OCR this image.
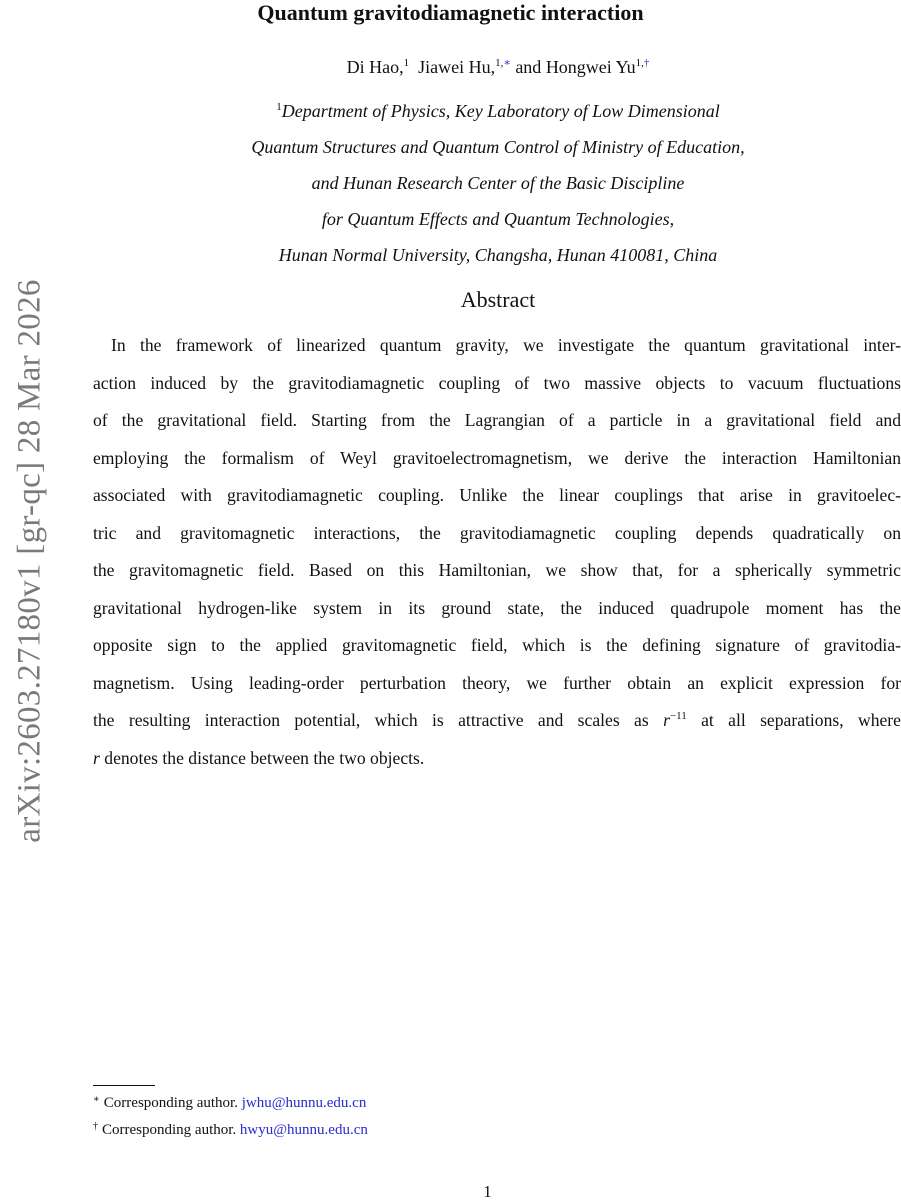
arXiv:2603.27180v1 [gr-qc] 28 Mar 2026
Quantum gravitodiamagnetic interaction
Di Hao,$^1$ Jiawei Hu,$^{1,∗}$ and Hongwei $Yu^{1,\dagger}$
$^1$Department of Physics, Key Laboratory of Low Dimensional
Quantum Structures and Quantum Control of Ministry of Education,
and Hunan Research Center of the Basic Discipline
for Quantum Effects and Quantum Technologies,
Hunan Normal University, Changsha, Hunan 410081, China
Abstract
In the framework of linearized quantum gravity, we investigate the quantum gravitational inter-
action induced by the gravitodiamagnetic coupling of two massive objects to vacuum fluctuations
of the gravitational field. Starting from the Lagrangian of a particle in a gravitational field and
employing the formalism of Weyl gravitoelectromagnetism, we derive the interaction Hamiltonian
associated with gravitodiamagnetic coupling. Unlike the linear couplings that arise in gravitoelec-
tric and gravitomagnetic interactions, the gravitodiamagnetic coupling depends quadratically on
the gravitomagnetic field. Based on this Hamiltonian, we show that, for a spherically symmetric
gravitational hydrogen-like system in its ground state, the induced quadrupole moment has the
opposite sign to the applied gravitomagnetic field, which is the defining signature of gravitodia-
magnetism. Using leading-order perturbation theory, we further obtain an explicit expression for
the resulting interaction potential, which is attractive and scales as $r^{-11}$ at all separations, where
r denotes the distance between the two objects.
∗ Corresponding author. jwhu@hunnu.edu.cn
† Corresponding author. hwyu@hunnu.edu.cn
1
